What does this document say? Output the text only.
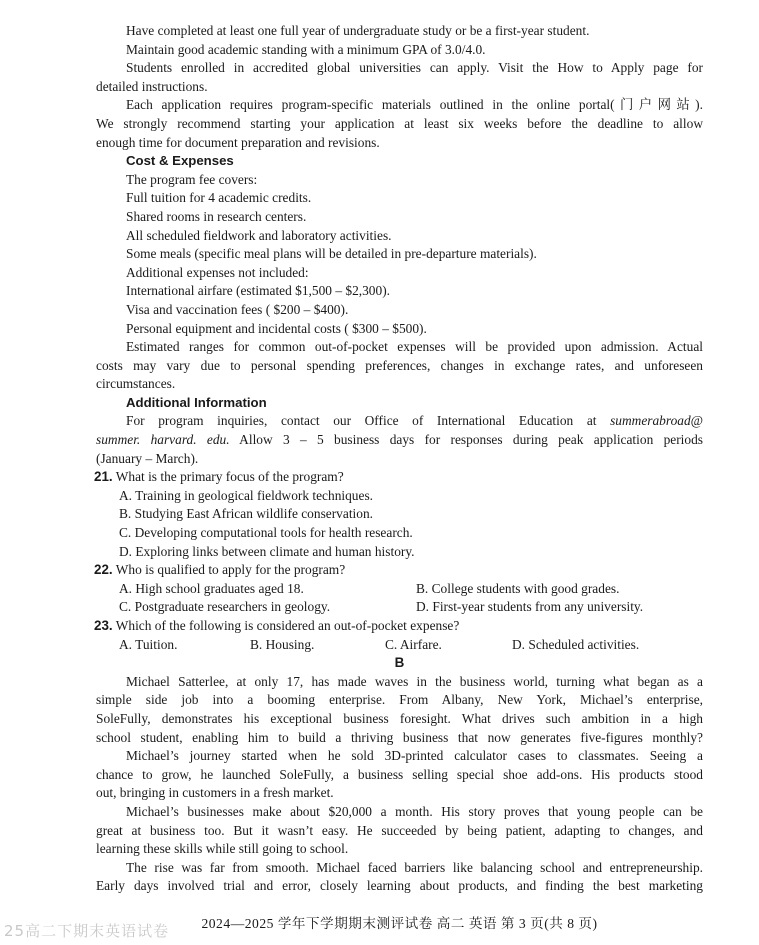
Have completed at least one full year of undergraduate study or be a first-year student.
Maintain good academic standing with a minimum GPA of 3.0/4.0.
Students enrolled in accredited global universities can apply. Visit the How to Apply page for
detailed instructions.
Each application requires program-specific materials outlined in the online portal(门户网站).
We strongly recommend starting your application at least six weeks before the deadline to allow
enough time for document preparation and revisions.
Cost & Expenses
The program fee covers:
Full tuition for 4 academic credits.
Shared rooms in research centers.
All scheduled fieldwork and laboratory activities.
Some meals (specific meal plans will be detailed in pre-departure materials).
Additional expenses not included:
International airfare (estimated $1,500 – $2,300).
Visa and vaccination fees ( $200 – $400).
Personal equipment and incidental costs ( $300 – $500).
Estimated ranges for common out-of-pocket expenses will be provided upon admission. Actual
costs may vary due to personal spending preferences, changes in exchange rates, and unforeseen
circumstances.
Additional Information
For program inquiries, contact our Office of International Education at summerabroad@
summer. harvard. edu. Allow 3 – 5 business days for responses during peak application periods
(January – March).
21. What is the primary focus of the program?
A. Training in geological fieldwork techniques.
B. Studying East African wildlife conservation.
C. Developing computational tools for health research.
D. Exploring links between climate and human history.
22. Who is qualified to apply for the program?
A. High school graduates aged 18.	B. College students with good grades.
C. Postgraduate researchers in geology.	D. First-year students from any university.
23. Which of the following is considered an out-of-pocket expense?
A. Tuition.	B. Housing.	C. Airfare.	D. Scheduled activities.
B
Michael Satterlee, at only 17, has made waves in the business world, turning what began as a
simple side job into a booming enterprise. From Albany, New York, Michael’s enterprise,
SoleFully, demonstrates his exceptional business foresight. What drives such ambition in a high
school student, enabling him to build a thriving business that now generates five-figures monthly?
Michael’s journey started when he sold 3D-printed calculator cases to classmates. Seeing a
chance to grow, he launched SoleFully, a business selling special shoe add-ons. His products stood
out, bringing in customers in a fresh market.
Michael’s businesses make about $20,000 a month. His story proves that young people can be
great at business too. But it wasn’t easy. He succeeded by being patient, adapting to changes, and
learning these skills while still going to school.
The rise was far from smooth. Michael faced barriers like balancing school and entrepreneurship.
Early days involved trial and error, closely learning about products, and finding the best marketing
2024—2025 学年下学期期末测评试卷 高二 英语 第 3 页(共 8 页)
25高二下期末英语试卷
